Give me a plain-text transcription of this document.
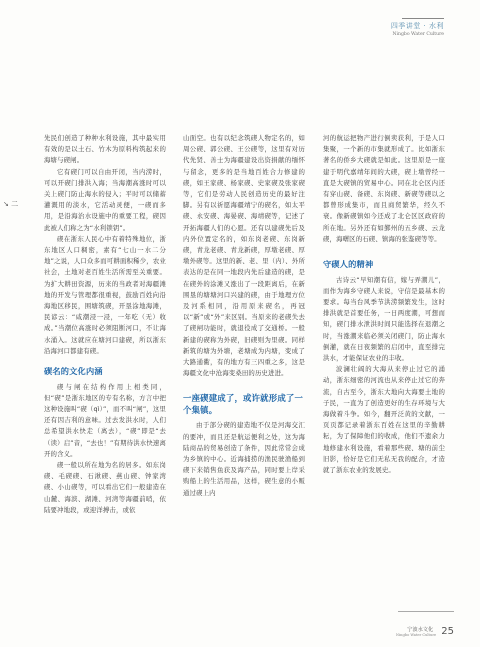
四季讲堂 · 水利
Ningbo Water Culture
↘ 二

先民们创造了种种水利设施，其中最实用有效的是以土石、竹木为原料构筑起来的海塘与碶闸。

它有碶门可以自由开闭，当内涝时，可以开碶门排洪入海；当海潮高涨时可以关上碶门防止海水的侵入；平时可以储蓄灌溉用的淡水，它活动灵便，一碶而多用，是沿海治水设施中的重要工程，碶因此被人们称之为“水利锁钥”。

碶在浙东人民心中有着特殊地位，浙东地区人口稠密，素有“七山一水二分地”之说，人口众多而可耕面积稀少，农业社会，土地对老百姓生活所需至关重要。为扩大耕田资源，历来的当政者对海疆滩地的开发与管理都很重视，鼓励百姓向沿海地区移民，围塘筑碶，开垦涂地海滩，民谚云：“咸潮浸一浸，一年吃（无）收成。”当潮位高涨时必须阻断河口，不让海水涌入。这就应在塘河口建碶，所以浙东沿海河口都建有碶。

碶名的文化内涵

碶与闸在结构作用上相类同，但“碶”是浙东地区的专有名称，方言中把这种设施叫“碶（qì）”，而不叫“闸”，这里还有因吉利的意味。过去发洪水时，人们总希望洪水快走（离去），“碶”即是“去（读）启”音，“去也！”有期待洪水快速离开的含义。

碶一般以所在地为名的居多。如东岗碶、毛碶碶、石湫碶、燕山碶、钟家湾碶、小山碶等，可以看出它们一般建造在山麓、海滨、湖滩、河湾等海疆前哨，依陆要冲地段，或迎洋搏击，或依

山面空。也有以纪念筑碶人物定名的，如周公碶、郭公碶、王公碶等，这里有对历代先贤、善士为海疆建设出资捐献的缅怀与留念，更多的是当地百姓合力修建的碶，如王家碶、杨家碶、史家碶及张家碶等，它们是劳动人民创造历史的最好注脚。另有以祈愿海疆靖宁的碶名，如太平碶、永安碶、海晏碶、海靖碶等，记述了开拓海疆人们的心愿。还有以建碶先后及内外位置定名的，如东岗老碶、东岗新碶，青龙老碶、青龙新碶，厚墩老碶、厚墩外碶等。这里的新、老、里（内）、外所表达的是在同一地段内先后建造的碶，是在碶外的涂滩又涨出了一段距离后，在新围垦的塘塘河口兴建的碶，由于地理方位及河系相同，沿用原来碶名，再冠以“新”或“外”来区别。当原来的老碶失去了碶闸功能时，就退役成了交通桥。一般新建的碶称为外碶，旧碶则为里碶。同样新筑的塘为外塘，老塘成为内塘，变成了大路通衢，有的地方有三四重之多，这是海疆文化中沧海变桑田的历史进进。

一座碶建成了，或许就形成了一个集镇。

由于部分碶的建造地不仅是河海交汇的要冲，而且还是航运便利之处，这为海陆商品的贸易创造了条件，因此常常会成为乡镇的中心。近海捕捞的渔民驶渔船到碶下来销售鱼获及海产品，同时要上岸采购船上的生活用品，这样，碶生意的小贩通过碶上内

河的航运把物产进行倒卖获利，于是人口集聚，一个新的市集就形成了。比如浙东著名的侨乡大碶就是如此。这里原是一座建于明代嘉靖年间的大碶，碶上墩曾经一直是大碶镇的贸易中心。同在北仑区内还有穿山碶、备碶、东岗碶、新碶等碶以之都曾形成集市，而且商贸繁华，经久不衰。像新碶镇如今还成了北仑区区政府的所在地。另外还有如鄞州的五乡碶、云龙碶，海曙区的石碶、镇海的张鉴碶等等。

守碶人的精神

古诗云“早知潮有信，嫁与弄潮儿”，而作为海乡守碶人来说，守信是最基本的要求。每当台风季节洪涝频繁发生，这时排洪就是首要任务，一日两度潮，可想而知，碶门排水泄洪时间只能选择在退潮之时，当涨潮来临必须关闭碶门，防止海水倒灌，就在日夜频繁的启闭中，直至排完洪水，才能保证农业的丰收。

波澜壮阔的大海从来停止过它的涌动，浙东细密的河流也从来停止过它的奔流，自古至今，浙东大地向大海要土地的子民，一直为了创造更好的生存环境与大海做着斗争。如今，翻开泛黄的文献，一页页都记录着浙东百姓在这里的辛勤耕耘，为了保障他们的收成，他们不遗余力地修建水利设施，看着那些碶、塘的前尘旧影，恰好是它们无私无我的配合，才造就了浙东农业的发展史。

宁波水文化
Ningbo Water Culture 25
